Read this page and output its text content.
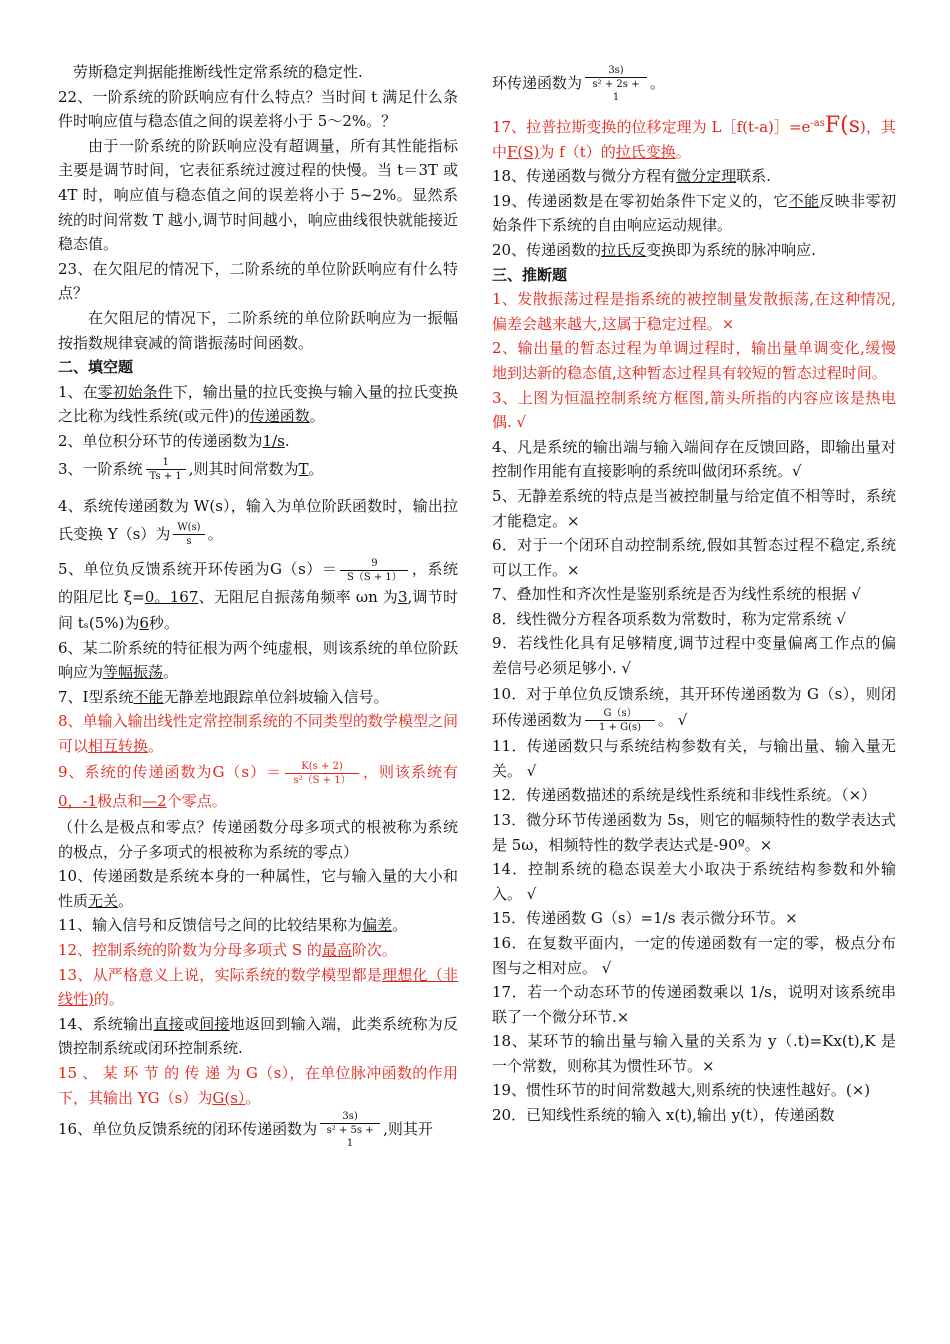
劳斯稳定判据能推断线性定常系统的稳定性.

22、一阶系统的阶跃响应有什么特点？当时间 t 满足什么条件时响应值与稳态值之间的误差将小于 5～2%。？

由于一阶系统的阶跃响应没有超调量，所有其性能指标主要是调节时间，它表征系统过渡过程的快慢。当 t＝3T 或 4T 时，响应值与稳态值之间的误差将小于 5~2%。显然系统的时间常数 T 越小,调节时间越小，响应曲线很快就能接近稳态值。

23、在欠阻尼的情况下，二阶系统的单位阶跃响应有什么特点？

在欠阻尼的情况下，二阶系统的单位阶跃响应为一振幅按指数规律衰减的简谐振荡时间函数。

二、填空题

1、在零初始条件下，输出量的拉氏变换与输入量的拉氏变换之比称为线性系统(或元件)的传递函数。

2、单位积分环节的传递函数为1/s.

3、一阶系统 $\frac{1}{Ts + 1}$ ,则其时间常数为T。

4、系统传递函数为 W(s），输入为单位阶跃函数时，输出拉氏变换 Y（s）为 $\frac{W(s)}{s}$ 。

5、单位负反馈系统开环传函为$G(s)= \frac{9}{S(S + 1)}$ ，系统的阻尼比 ξ=0。167、无阻尼自振荡角频率 ωn 为3,调节时间 tₛ(5%)为6秒。

6、某二阶系统的特征根为两个纯虚根，则该系统的单位阶跃响应为等幅振荡。

7、Ⅰ型系统不能无静差地跟踪单位斜坡输入信号。

8、单输入输出线性定常控制系统的不同类型的数学模型之间可以相互转换。

9、系统的传递函数为$G(s)= \frac{K(s + 2)}{\text{s²（S + 1）}}$ ，则该系统有0，-1极点和—2个零点。

（什么是极点和零点？传递函数分母多项式的根被称为系统的极点，分子多项式的根被称为系统的零点）

10、传递函数是系统本身的一种属性，它与输入量的大小和性质无关。

11、输入信号和反馈信号之间的比较结果称为偏差。

12、控制系统的阶数为分母多项式 S 的最高阶次。

13、从严格意义上说，实际系统的数学模型都是理想化（非线性)的。

14、系统输出直接或间接地返回到输入端，此类系统称为反馈控制系统或闭环控制系统.

15 、 某 环 节 的 传 递 为 G（s），在单位脉冲函数的作用下，其输出 YG（s）为G(s）。

16、单位负反馈系统的闭环传递函数为 $\frac{3s)}{\text{s² + 5s + 1}}$ ,则其开

环传递函数为 $\frac{3s)}{\text{s² + 2s + 1}}$ 。

17、拉普拉斯变换的位移定理为 $L[f(t-a)]=e^{-as}F(s)$，其中F(S)为 f（t）的拉氏变换。

18、传递函数与微分方程有微分定理联系.

19、传递函数是在零初始条件下定义的，它不能反映非零初始条件下系统的自由响应运动规律。

20、传递函数的拉氏反变换即为系统的脉冲响应.

三、推断题

1、发散振荡过程是指系统的被控制量发散振荡,在这种情况,偏差会越来越大,这属于稳定过程。×

2、输出量的暂态过程为单调过程时，输出量单调变化,缓慢地到达新的稳态值,这种暂态过程具有较短的暂态过程时间。

3、上图为恒温控制系统方框图,箭头所指的内容应该是热电偶. √

4、凡是系统的输出端与输入端间存在反馈回路，即输出量对控制作用能有直接影响的系统叫做闭环系统。√

5、无静差系统的特点是当被控制量与给定值不相等时，系统才能稳定。×

6．对于一个闭环自动控制系统,假如其暂态过程不稳定,系统可以工作。×

7、叠加性和齐次性是鉴别系统是否为线性系统的根据 √

8．线性微分方程各项系数为常数时，称为定常系统 √

9．若线性化具有足够精度,调节过程中变量偏离工作点的偏差信号必须足够小. √

10．对于单位负反馈系统，其开环传递函数为 G（s），则闭环传递函数为 $\frac{G(s)}{1 + G(s)}$ 。 √

11．传递函数只与系统结构参数有关，与输出量、输入量无关。 √

12．传递函数描述的系统是线性系统和非线性系统。（×）

13．微分环节传递函数为 5s，则它的幅频特性的数学表达式是 5ω，相频特性的数学表达式是-90º。×

14．控制系统的稳态误差大小取决于系统结构参数和外输入。 √

15．传递函数 G（s）=1/s 表示微分环节。×

16．在复数平面内，一定的传递函数有一定的零，极点分布图与之相对应。 √

17．若一个动态环节的传递函数乘以 1/s，说明对该系统串联了一个微分环节.×

18、某环节的输出量与输入量的关系为 y（.t)=Kx(t),K 是一个常数，则称其为惯性环节。×

19、惯性环节的时间常数越大,则系统的快速性越好。(×)

20．已知线性系统的输入 x(t),输出 y(t），传递函数
